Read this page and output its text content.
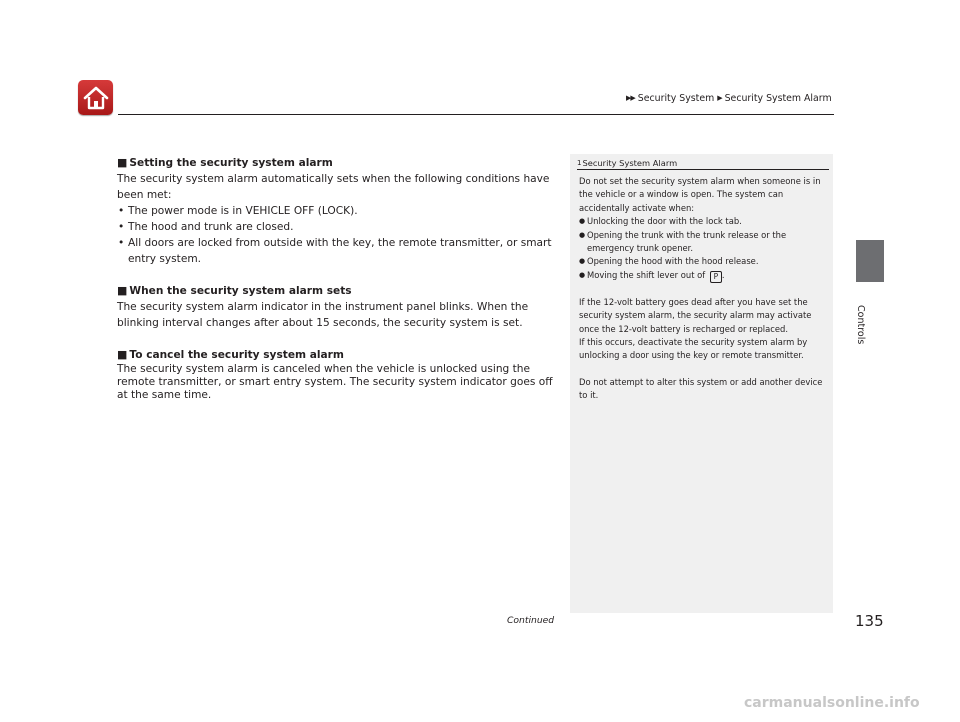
▶▶ Security System ▶ Security System Alarm
■ Setting the security system alarm

The security system alarm automatically sets when the following conditions have been met:

• The power mode is in VEHICLE OFF (LOCK).
• The hood and trunk are closed.
• All doors are locked from outside with the key, the remote transmitter, or smart entry system.
■ When the security system alarm sets

The security system alarm indicator in the instrument panel blinks. When the blinking interval changes after about 15 seconds, the security system is set.

■ To cancel the security system alarm

The security system alarm is canceled when the vehicle is unlocked using the remote transmitter, or smart entry system. The security system indicator goes off at the same time.

1Security System Alarm

Do not set the security system alarm when someone is in the vehicle or a window is open. The system can accidentally activate when:

● Unlocking the door with the lock tab.
● Opening the trunk with the trunk release or the emergency trunk opener.
● Opening the hood with the hood release.
● Moving the shift lever out of P .

If the 12-volt battery goes dead after you have set the security system alarm, the security alarm may activate once the 12-volt battery is recharged or replaced.

If this occurs, deactivate the security system alarm by unlocking a door using the key or remote transmitter.

Do not attempt to alter this system or add another device to it.

Controls
Continued	135
carmanualsonline.info
